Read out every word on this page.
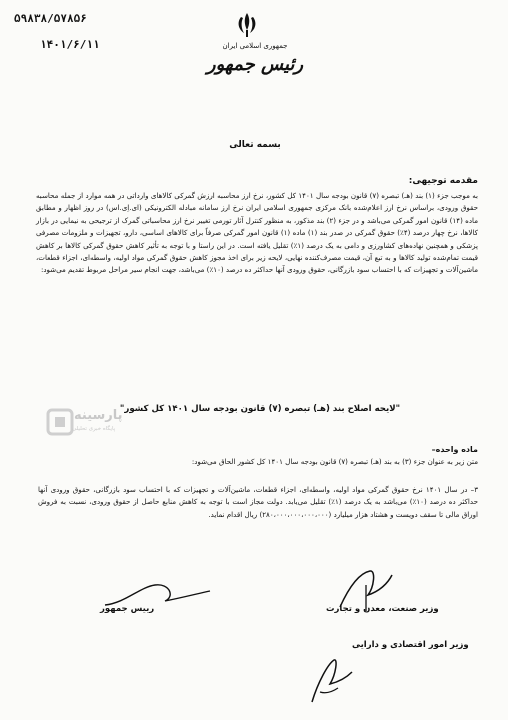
۵۹۸۳۸/۵۷۸۵۶
۱۴۰۱/۶/۱۱	جمهوری اسلامی ایران
رئیس جمهور
بسمه تعالی
مقدمه توجیهی:
به موجب جزء (۱) بند (هـ) تبصره (۷) قانون بودجه سال ۱۴۰۱ کل کشور، نرخ ارز محاسبه ارزش گمرکی کالاهای وارداتی در همه موارد از جمله محاسبه حقوق ورودی، براساس نرخ ارز اعلام‌شده بانک مرکزی جمهوری اسلامی ایران نرخ ارز سامانه مبادله الکترونیکی (ای.اِی.اس) در روز اظهار و مطابق ماده (۱۴) قانون امور گمرکی می‌باشد و در جزء (۲) بند مذکور، به منظور کنترل آثار تورمی تغییر نرخ ارز محاسباتی گمرک از ترجیحی به نیمایی در بازار کالاها، نرخ چهار درصد (۴٪) حقوق گمرکی در صدر بند (۱) ماده (۱) قانون امور گمرکی صرفاً برای کالاهای اساسی، دارو، تجهیزات و ملزومات مصرفی پزشکی و همچنین نهاده‌های کشاورزی و دامی به یک درصد (۱٪) تقلیل یافته است. در این راستا و با توجه به تأثیر کاهش حقوق گمرکی کالاها بر کاهش قیمت تمام‌شده تولید کالاها و به تبع آن، قیمت مصرف‌کننده نهایی، لایحه زیر برای اخذ مجوز کاهش حقوق گمرکی مواد اولیه، واسطه‌ای، اجزاء قطعات، ماشین‌آلات و تجهیزات که با احتساب سود بازرگانی، حقوق ورودی آنها حداکثر ده درصد (۱۰٪) می‌باشد، جهت انجام سیر مراحل مربوط تقدیم می‌شود:
"لایحه اصلاح بند (هـ) تبصره (۷) قانون بودجه سال ۱۴۰۱ کل کشور"
پارسینه
پایگاه خبری تحلیلی
ماده واحده–
متن زیر به عنوان جزء (۳) به بند (هـ) تبصره (۷) قانون بودجه سال ۱۴۰۱ کل کشور الحاق می‌شود:
۳– در سال ۱۴۰۱ نرخ حقوق گمرکی مواد اولیه، واسطه‌ای، اجزاء قطعات، ماشین‌آلات و تجهیزات که با احتساب سود بازرگانی، حقوق ورودی آنها حداکثر ده درصد (۱۰٪) می‌باشد به یک درصد (۱٪) تقلیل می‌یابد. دولت مجاز است با توجه به کاهش منابع حاصل از حقوق ورودی، نسبت به فروش اوراق مالی تا سقف دویست و هشتاد هزار میلیارد (۲۸۰،۰۰۰،۰۰۰،۰۰۰،۰۰۰) ریال اقدام نماید.
وزیر صنعت، معدن و تجارت
رییس جمهور
وزیر امور اقتصادی و دارایی
